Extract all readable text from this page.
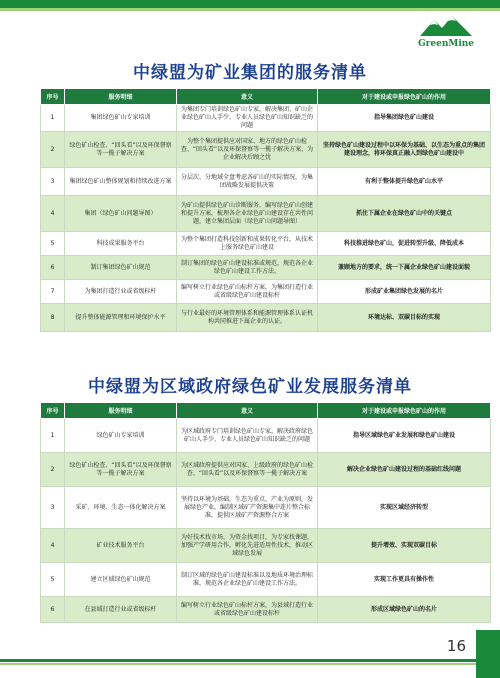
GreenMine
中绿盟为矿业集团的服务清单
序号	服务明细	意义	对于建设或申报绿色矿山的作用
1	集团绿色矿山专家培训	为集团专门培训绿色矿山专家，解决集团、矿山企业绿色矿山人手少、专业人员绿色矿山知识缺乏的问题	指导集团绿色矿山建设
2	绿色矿山检查、“回头看”以及环保督察等一揽子解决方案	为整个集团提供应对国家、地方的绿色矿山检查、“回头看”以及环保督察等一揽子解决方案，为企业解决后顾之忧	坚持绿色矿山建设过程中以环保为基础、以生态为重点的集团建设理念，将环保真正融入到绿色矿山建设中
3	集团绿色矿山整体规划和持续改进方案	分层次、分地域全盘考虑各矿山的实际情况，为集团战略发展提供决策	有利于整体提升绿色矿山水平
4	集团（绿色矿山问题导图）	为矿山提供绿色矿山诊断服务，编写绿色矿山创建和提升方案，梳理各企业绿色矿山建设存在共性问题，建立集团层面（绿色矿山问题导图）	抓住下属企业在绿色矿山中的关键点
5	科技成果服务平台	为整个集团打造科技创新和成果转化平台，从技术上服务绿色矿山建设	科技推进绿色矿山，促进转型升级、降低成本
6	制订集团绿色矿山规范	制订集团的绿色矿山建设标准或规范，规范各企业绿色矿山建设工作方法。	兼顾地方的要求，统一下属企业绿色矿山建设面貌
7	为集团打造行业或省级标杆	编写树立行业绿色矿山标杆方案，为集团打造行业或省级绿色矿山建设标杆	形成矿业集团绿色发展的名片
8	提升整体能源管理和环境保护水平	与行业最好的环境管理体系和能源管理体系认证机构共同推进下属企业的认证。	环境达标、双碳目标的实现
中绿盟为区域政府绿色矿业发展服务清单
序号	服务明细	意义	对于建设或申报绿色矿山的作用
1	绿色矿山专家培训	为区域政府专门培训绿色矿山专家，解决政府绿色矿山人手少、专业人员绿色矿山知识缺乏的问题	指导区域绿色矿业发展和绿色矿山建设
2	绿色矿山检查、“回头看”以及环保督察等一揽子解决方案	为区域政府提供应对国家、上级政府的绿色矿山检查、“回头看”以及环保督察等一揽子解决方案	解决企业绿色矿山建设过程的基础红线问题
3	采矿、环境、生态一体化解决方案	坚持以环境为基础，生态为重点，产业为原则，发展绿色产业，编制区域矿产资源集中连片整合标准，提供区域矿产资源整合方案	实现区域经济转型
4	矿业技术服务平台	为好技术找市场，为资金找项目，为专家找课题，加强产学研用合作，孵化先进适用性技术，推动区域绿色发展	提升增效、实现双碳目标
5	建立区域绿色矿山规范	制订区域的绿色矿山建设标准以及地质环境治理标准，规范各企业绿色矿山建设工作方法。	实现工作更具有操作性
6	在县域打造行业或省级标杆	编写树立行业绿色矿山标杆方案，为县域打造行业或省级绿色矿山建设标杆	形成区域绿色矿山的名片
16
